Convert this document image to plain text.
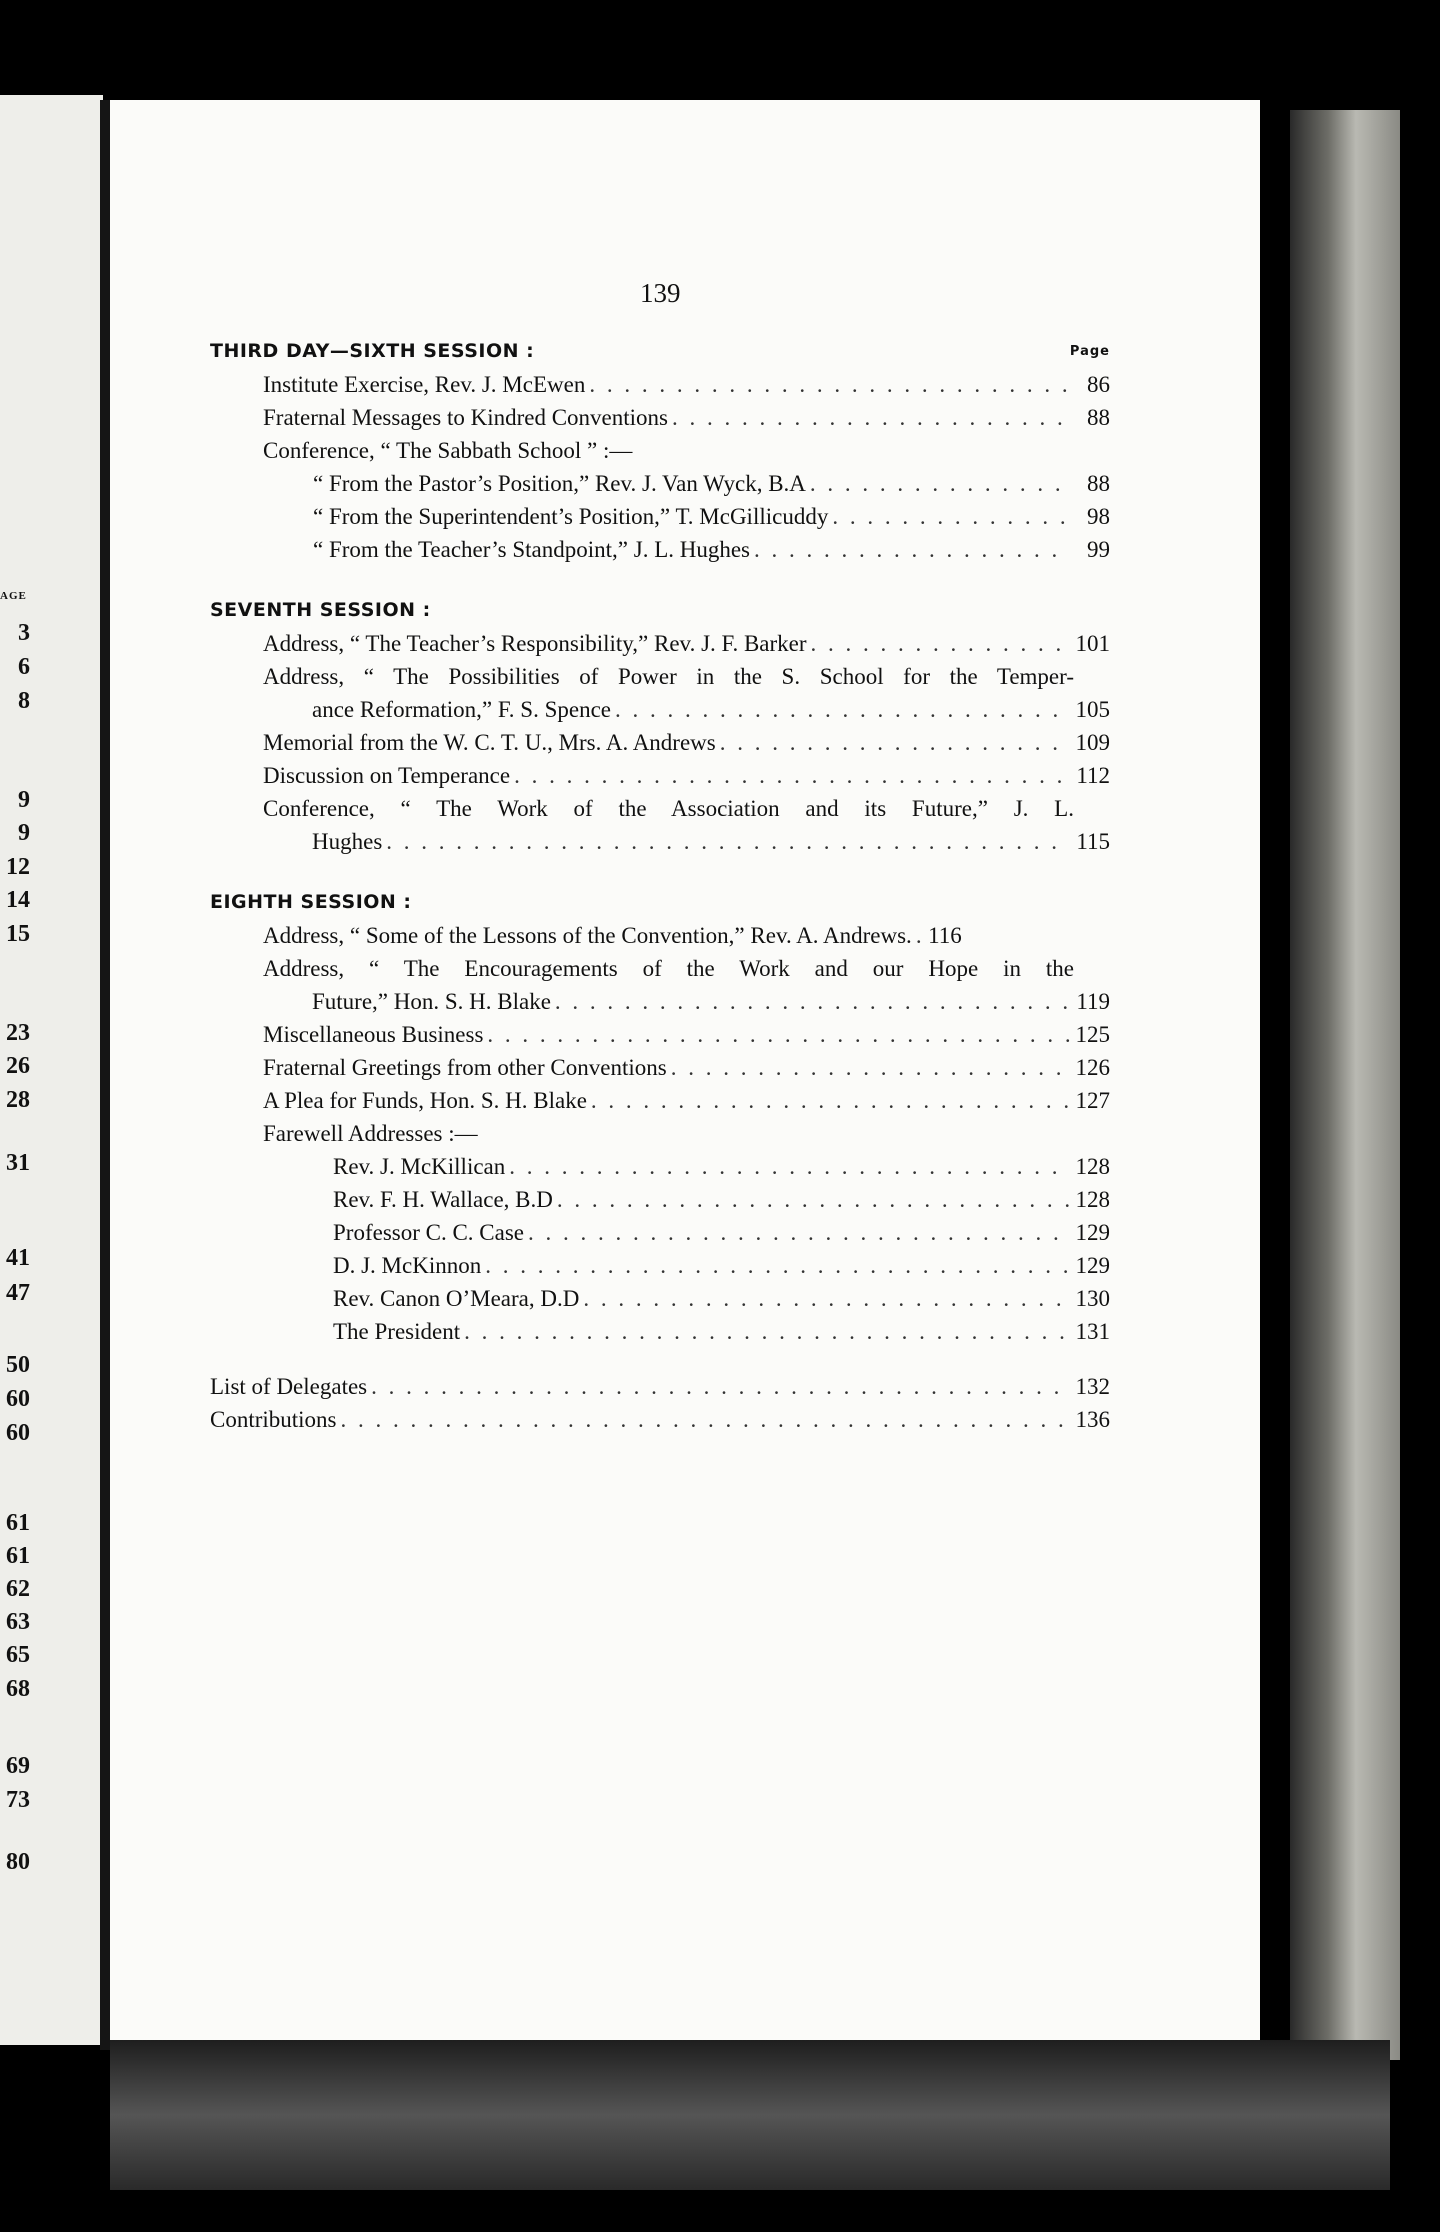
AGE
3
6
8
9
9
12
14
15
23
26
28
31
41
47
50
60
60
61
61
62
63
65
68
69
73
80
139
THIRD DAY—SIXTH SESSION :	Page
Institute Exercise, Rev. J. McEwen . . .	86
Fraternal Messages to Kindred Conventions . . .	88
Conference, “ The Sabbath School ” :—
“ From the Pastor’s Position,” Rev. J. Van Wyck, B.A . . .	88
“ From the Superintendent’s Position,” T. McGillicuddy . . .	98
“ From the Teacher’s Standpoint,” J. L. Hughes . . .	99
SEVENTH SESSION :
Address, “ The Teacher’s Responsibility,” Rev. J. F. Barker . . .	101
Address, “ The Possibilities of Power in the S. School for the Temper-
ance Reformation,” F. S. Spence . . .	105
Memorial from the W. C. T. U., Mrs. A. Andrews . . .	109
Discussion on Temperance . . .	112
Conference, “ The Work of the Association and its Future,” J. L.
Hughes . . .	115
EIGHTH SESSION :
Address, “ Some of the Lessons of the Convention,” Rev. A. Andrews. . . . 116
Address, “ The Encouragements of the Work and our Hope in the
Future,” Hon. S. H. Blake . . .	119
Miscellaneous Business . . .	125
Fraternal Greetings from other Conventions . . .	126
A Plea for Funds, Hon. S. H. Blake . . .	127
Farewell Addresses :—
Rev. J. McKillican . . .	128
Rev. F. H. Wallace, B.D . . .	128
Professor C. C. Case . . .	129
D. J. McKinnon . . .	129
Rev. Canon O’Meara, D.D . . .	130
The President . . .	131
List of Delegates . . .	132
Contributions . . .	136
